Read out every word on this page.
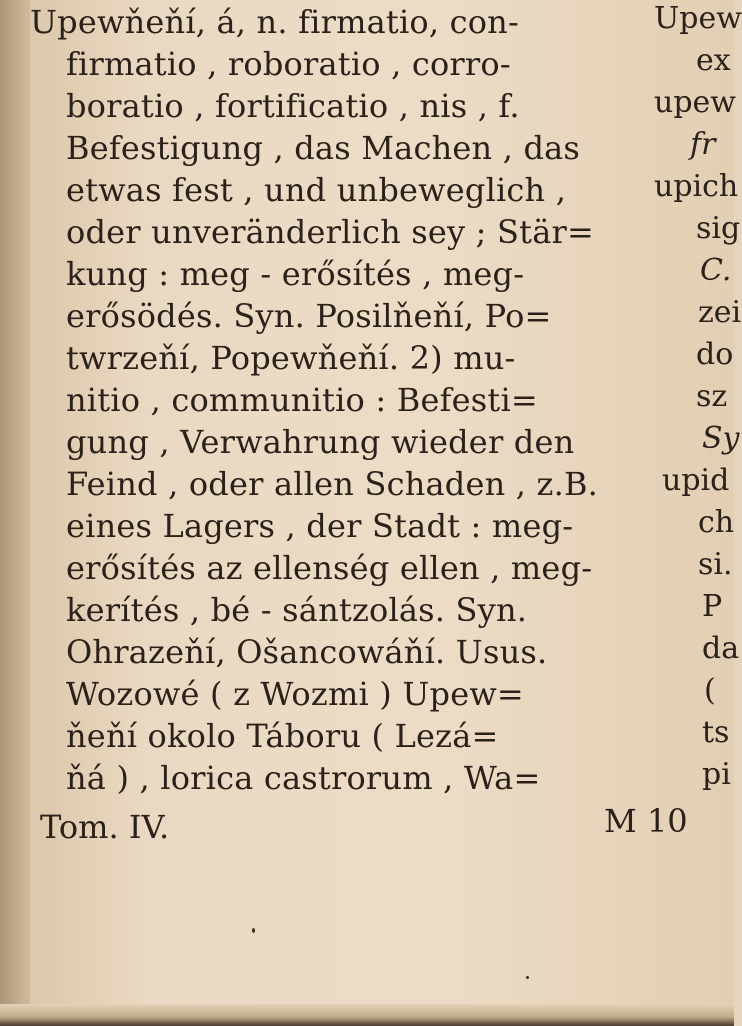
Upewňeňí, á, n. firmatio, con-
firmatio , roboratio , corro-
boratio , fortificatio , nis , f.
Befestigung , das Machen , das
etwas fest , und unbeweglich ,
oder unveränderlich sey ; Stär=
kung : meg - erősítés , meg-
erősödés. Syn. Posilňeňí, Po=
twrzeňí, Popewňeňí. 2) mu-
nitio , communitio : Befesti=
gung , Verwahrung wieder den
Feind , oder allen Schaden , z.B.
eines Lagers , der Stadt : meg-
erősítés az ellenség ellen , meg-
kerítés , bé - sántzolás. Syn.
Ohrazeňí, Ošancowáňí. Usus.
Wozowé ( z Wozmi ) Upew=
ňeňí okolo Táboru ( Lezá=
ňá ) , lorica castrorum , Wa=
Upew
ex
upew
fr
upich
sig
C.
zei
do
sz
Sy
upid
ch
si.
P
da
(
ts
pi
Tom. IV.	M 10
